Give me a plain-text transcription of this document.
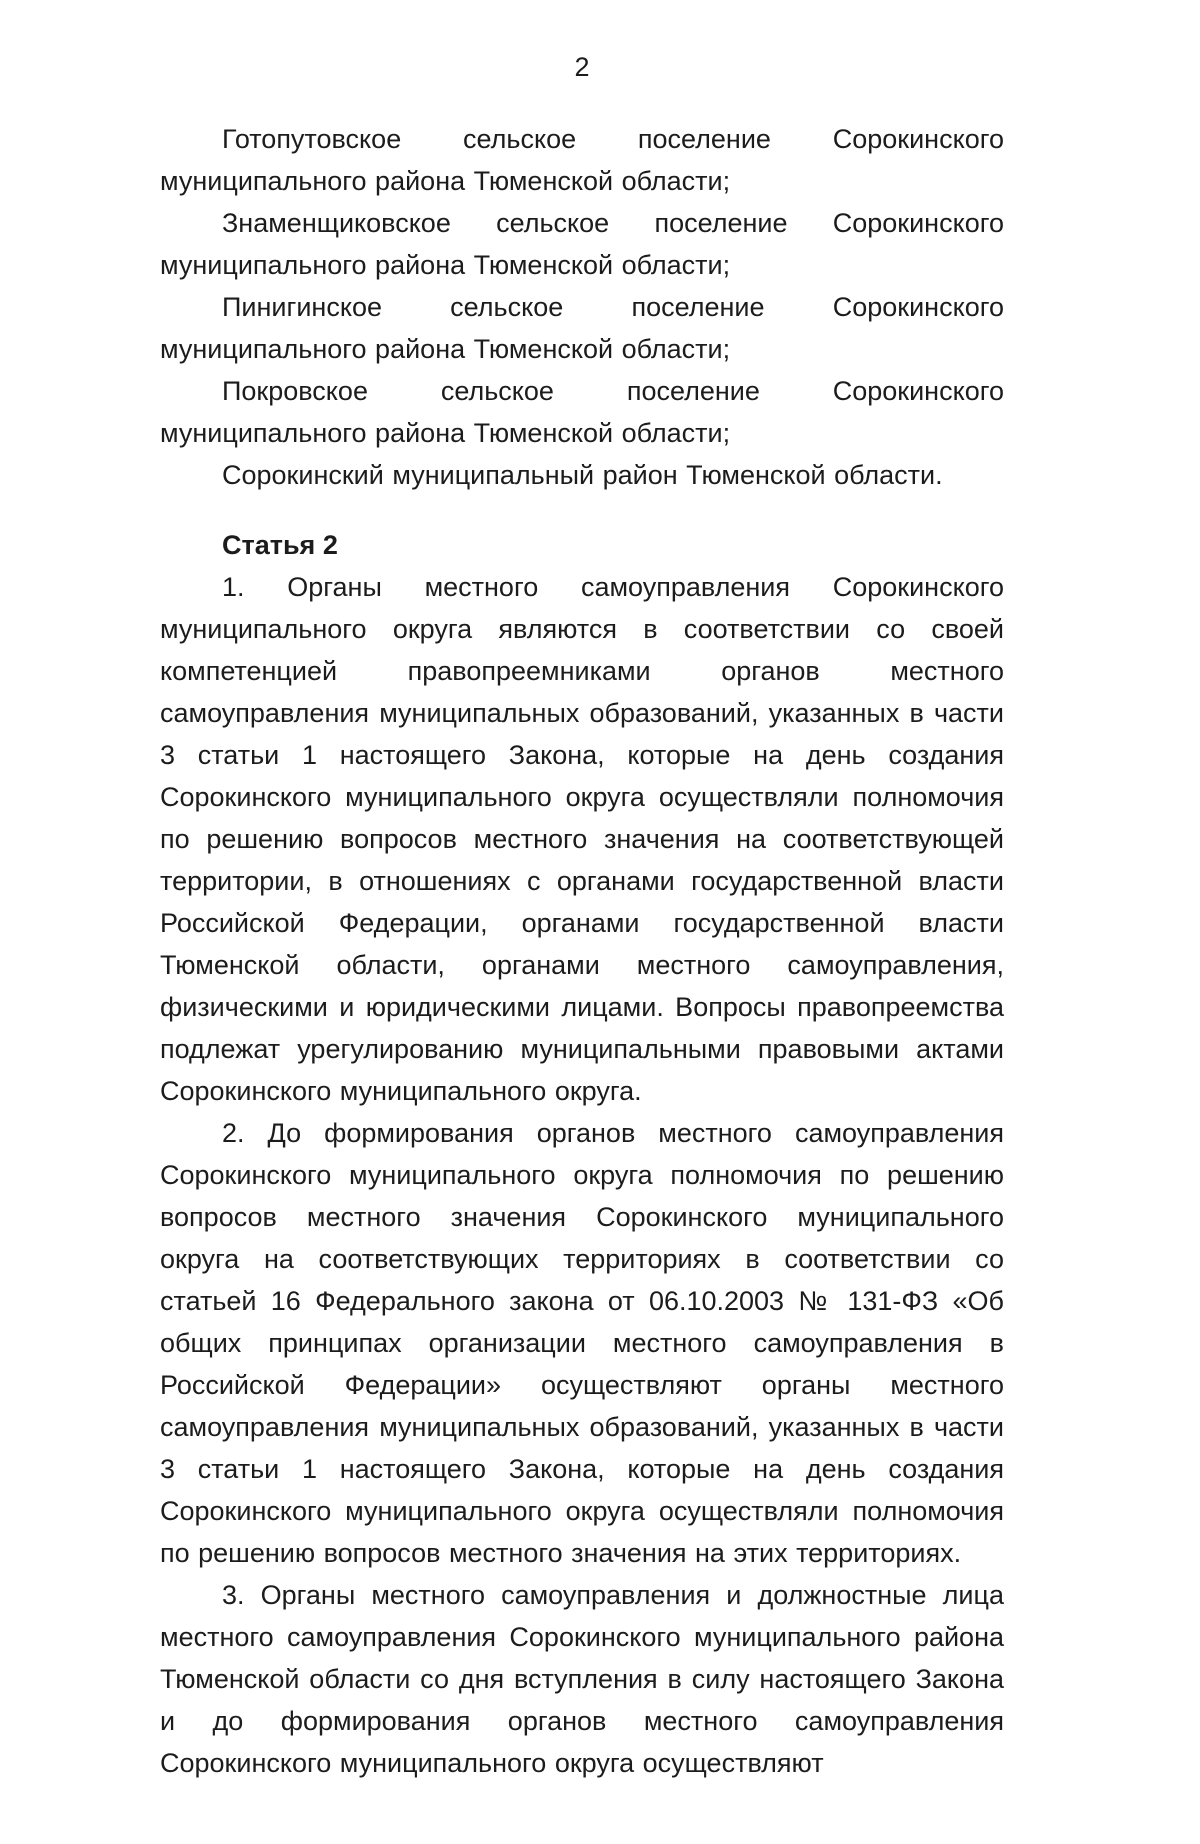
2

Готопутовское сельское поселение Сорокинского муниципального района Тюменской области;

Знаменщиковское сельское поселение Сорокинского муниципального района Тюменской области;

Пинигинское сельское поселение Сорокинского муниципального района Тюменской области;

Покровское сельское поселение Сорокинского муниципального района Тюменской области;

Сорокинский муниципальный район Тюменской области.

Статья 2

1. Органы местного самоуправления Сорокинского муниципального округа являются в соответствии со своей компетенцией правопреемниками органов местного самоуправления муниципальных образований, указанных в части 3 статьи 1 настоящего Закона, которые на день создания Сорокинского муниципального округа осуществляли полномочия по решению вопросов местного значения на соответствующей территории, в отношениях с органами государственной власти Российской Федерации, органами государственной власти Тюменской области, органами местного самоуправления, физическими и юридическими лицами. Вопросы правопреемства подлежат урегулированию муниципальными правовыми актами Сорокинского муниципального округа.

2. До формирования органов местного самоуправления Сорокинского муниципального округа полномочия по решению вопросов местного значения Сорокинского муниципального округа на соответствующих территориях в соответствии со статьей 16 Федерального закона от 06.10.2003 № 131-ФЗ «Об общих принципах организации местного самоуправления в Российской Федерации» осуществляют органы местного самоуправления муниципальных образований, указанных в части 3 статьи 1 настоящего Закона, которые на день создания Сорокинского муниципального округа осуществляли полномочия по решению вопросов местного значения на этих территориях.

3. Органы местного самоуправления и должностные лица местного самоуправления Сорокинского муниципального района Тюменской области со дня вступления в силу настоящего Закона и до формирования органов местного самоуправления Сорокинского муниципального округа осуществляют
